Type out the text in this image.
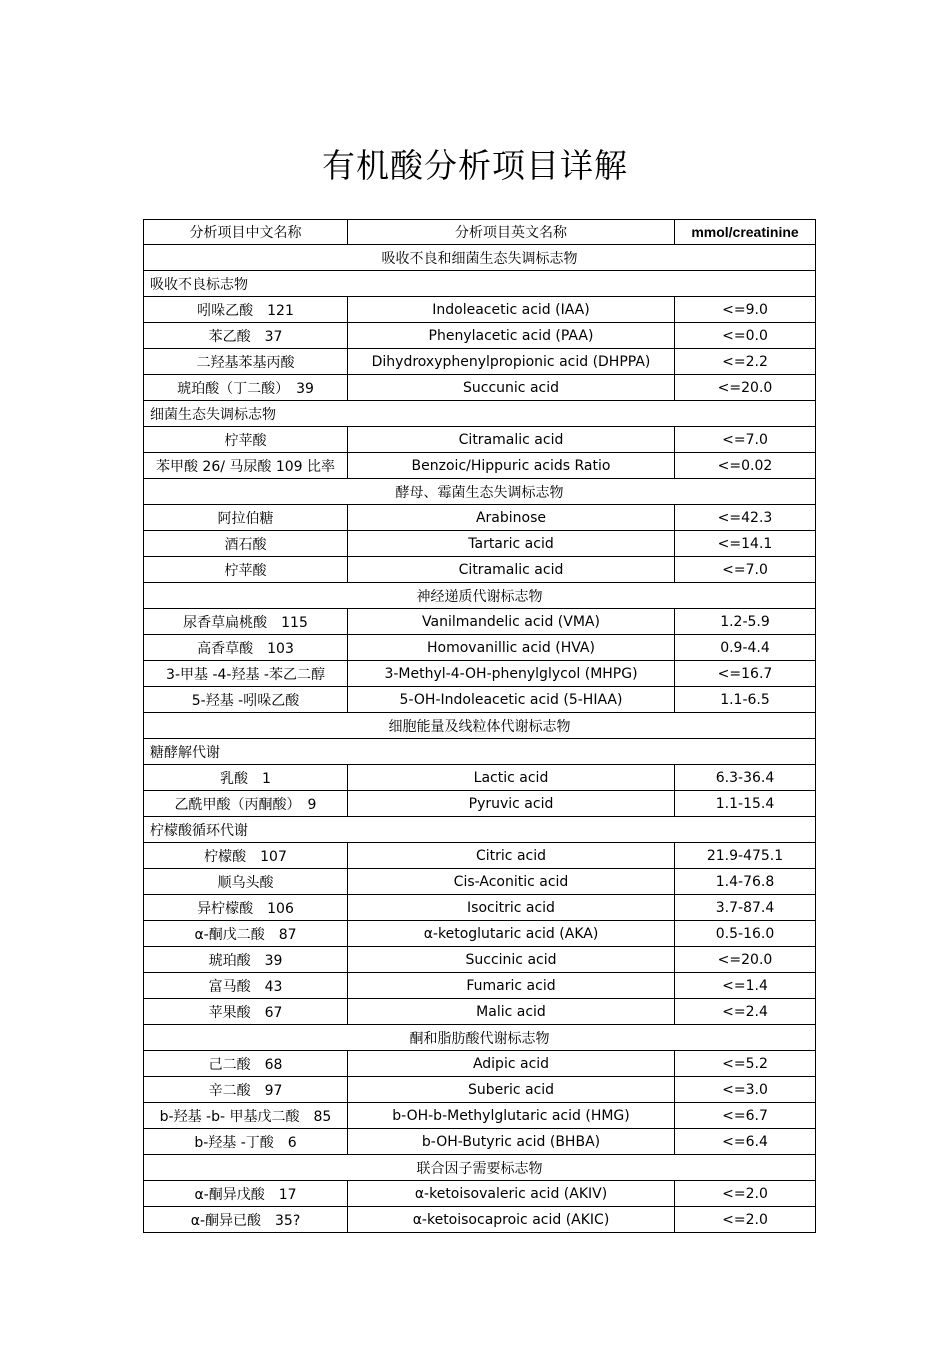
有机酸分析项目详解
分析项目中文名称	分析项目英文名称	mmol/creatinine
吸收不良和细菌生态失调标志物		
吸收不良标志物		
吲哚乙酸　121	Indoleacetic acid (IAA)	<=9.0
苯乙酸　37	Phenylacetic acid (PAA)	<=0.0
二羟基苯基丙酸	Dihydroxyphenylpropionic acid (DHPPA)	<=2.2
琥珀酸（丁二酸）　39	Succunic acid	<=20.0
细菌生态失调标志物		
柠苹酸	Citramalic acid	<=7.0
苯甲酸 26/ 马尿酸 109 比率	Benzoic/Hippuric acids Ratio	<=0.02
酵母、霉菌生态失调标志物		
阿拉伯糖	Arabinose	<=42.3
酒石酸	Tartaric acid	<=14.1
柠苹酸	Citramalic acid	<=7.0
神经递质代谢标志物		
尿香草扁桃酸　115	Vanilmandelic acid (VMA)	1.2-5.9
高香草酸　103	Homovanillic acid (HVA)	0.9-4.4
3-甲基 -4-羟基 -苯乙二醇	3-Methyl-4-OH-phenylglycol (MHPG)	<=16.7
5-羟基 -吲哚乙酸	5-OH-Indoleacetic acid (5-HIAA)	1.1-6.5
细胞能量及线粒体代谢标志物		
糖酵解代谢		
乳酸　1	Lactic acid	6.3-36.4
乙酰甲酸（丙酮酸）　9	Pyruvic acid	1.1-15.4
柠檬酸循环代谢		
柠檬酸　107	Citric acid	21.9-475.1
顺乌头酸	Cis-Aconitic acid	1.4-76.8
异柠檬酸　106	Isocitric acid	3.7-87.4
α-酮戊二酸　87	α-ketoglutaric acid (AKA)	0.5-16.0
琥珀酸　39	Succinic acid	<=20.0
富马酸　43	Fumaric acid	<=1.4
苹果酸　67	Malic acid	<=2.4
酮和脂肪酸代谢标志物		
己二酸　68	Adipic acid	<=5.2
辛二酸　97	Suberic acid	<=3.0
b-羟基 -b- 甲基戊二酸　85	b-OH-b-Methylglutaric acid (HMG)	<=6.7
b-羟基 -丁酸　6	b-OH-Butyric acid (BHBA)	<=6.4
联合因子需要标志物		
α-酮异戊酸　17	α-ketoisovaleric acid (AKIV)	<=2.0
α-酮异已酸　35?	α-ketoisocaproic acid (AKIC)	<=2.0
